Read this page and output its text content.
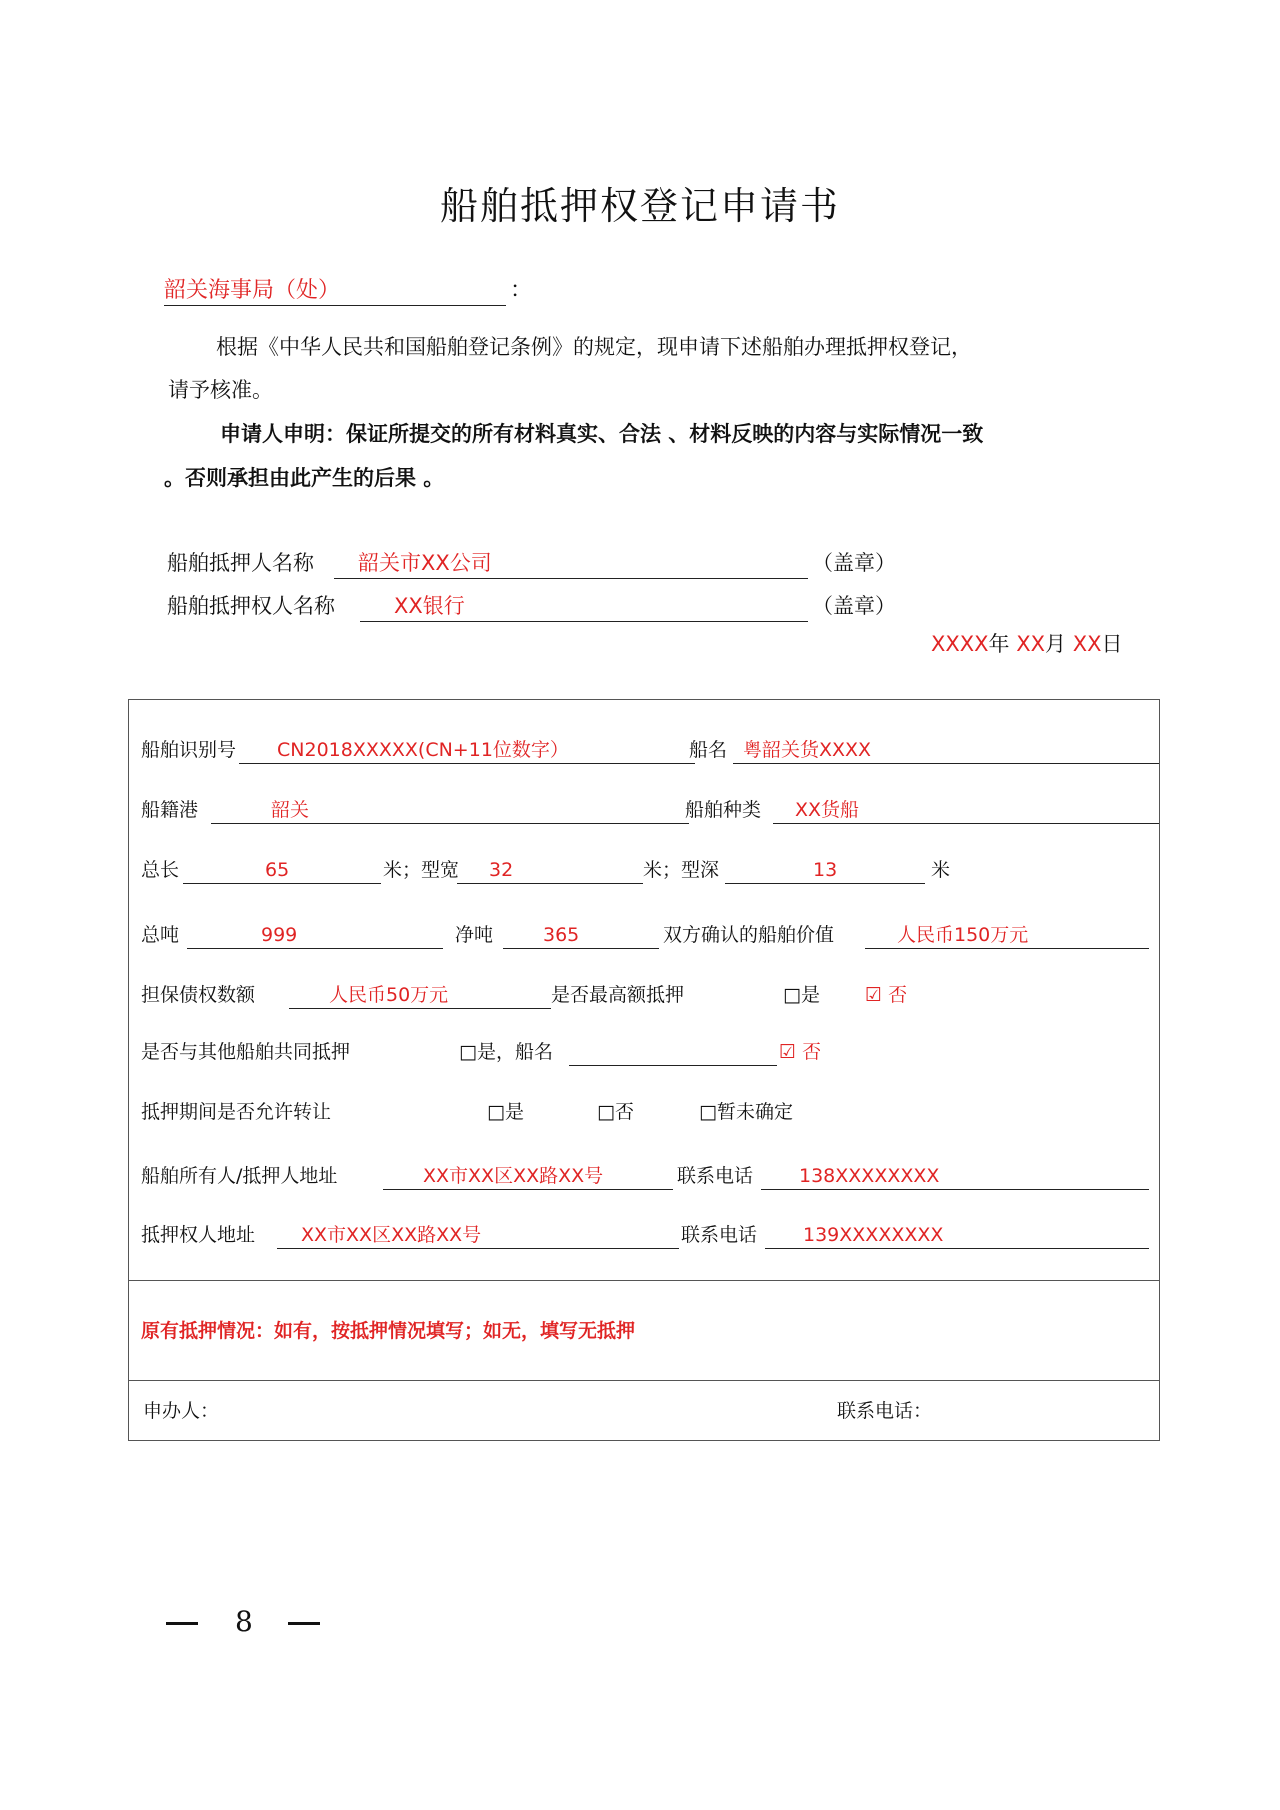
船舶抵押权登记申请书
韶关海事局（处）	：
根据《中华人民共和国船舶登记条例》的规定，现申请下述船舶办理抵押权登记，
请予核准。
申请人申明：保证所提交的所有材料真实、合法 、材料反映的内容与实际情况一致
。否则承担由此产生的后果 。
船舶抵押人名称 韶关市XX公司	（盖章）
船舶抵押权人名称	XX银行	（盖章）
XXXX年 XX月 XX日
船舶识别号 CN2018XXXXX(CN+11位数字）	船名 粤韶关货XXXX
船籍港	韶关	船舶种类 XX货船
总长	65	米；型宽 32	米；型深	13	米
总吨	999	净吨	365	双方确认的船舶价值	人民币150万元
担保债权数额	人民币50万元	是否最高额抵押	□是 ☑ 否
是否与其他船舶共同抵押	□是，船名	☑ 否
抵押期间是否允许转让	□是	□否	□暂未确定
船舶所有人/抵押人地址	XX市XX区XX路XX号	联系电话 138XXXXXXXX
抵押权人地址 XX市XX区XX路XX号	联系电话 139XXXXXXXX
原有抵押情况：如有，按抵押情况填写；如无，填写无抵押
申办人：	联系电话：
8
